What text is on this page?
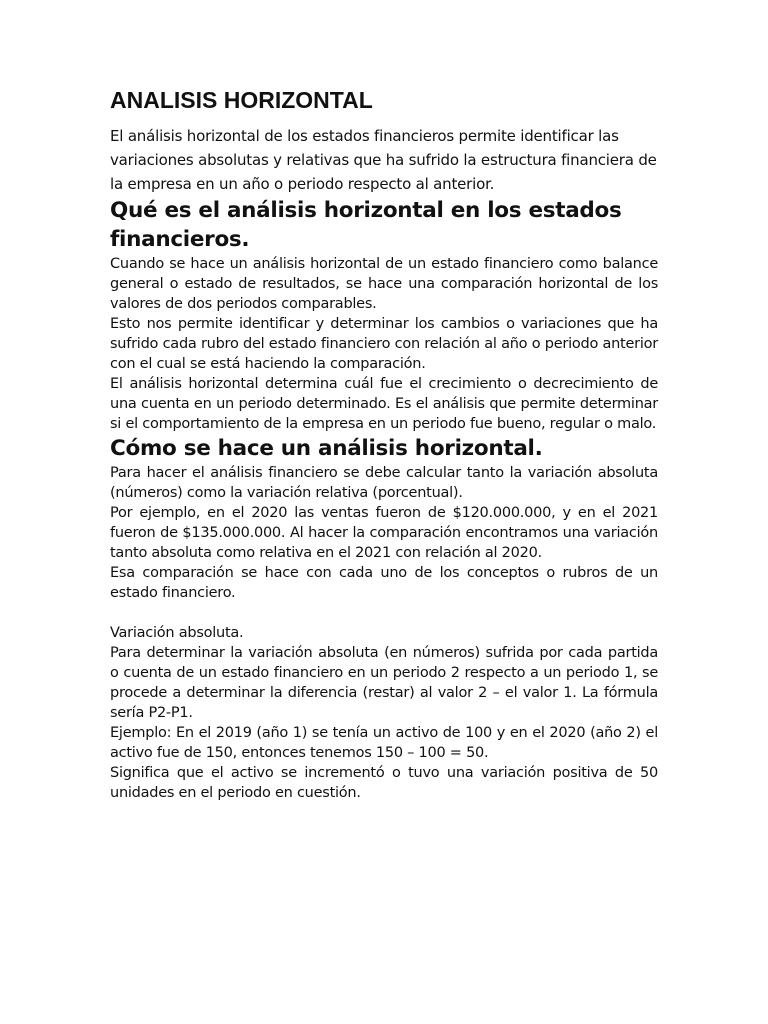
ANALISIS HORIZONTAL

El análisis horizontal de los estados financieros permite identificar las variaciones absolutas y relativas que ha sufrido la estructura financiera de la empresa en un año o periodo respecto al anterior.

Qué es el análisis horizontal en los estados financieros.

Cuando se hace un análisis horizontal de un estado financiero como balance general o estado de resultados, se hace una comparación horizontal de los valores de dos periodos comparables.

Esto nos permite identificar y determinar los cambios o variaciones que ha sufrido cada rubro del estado financiero con relación al año o periodo anterior con el cual se está haciendo la comparación.

El análisis horizontal determina cuál fue el crecimiento o decrecimiento de una cuenta en un periodo determinado. Es el análisis que permite determinar si el comportamiento de la empresa en un periodo fue bueno, regular o malo.

Cómo se hace un análisis horizontal.

Para hacer el análisis financiero se debe calcular tanto la variación absoluta (números) como la variación relativa (porcentual).

Por ejemplo, en el 2020 las ventas fueron de $120.000.000, y en el 2021 fueron de $135.000.000. Al hacer la comparación encontramos una variación tanto absoluta como relativa en el 2021 con relación al 2020.

Esa comparación se hace con cada uno de los conceptos o rubros de un estado financiero.

Variación absoluta.

Para determinar la variación absoluta (en números) sufrida por cada partida o cuenta de un estado financiero en un periodo 2 respecto a un periodo 1, se procede a determinar la diferencia (restar) al valor 2 – el valor 1. La fórmula sería P2-P1.

Ejemplo: En el 2019 (año 1) se tenía un activo de 100 y en el 2020 (año 2) el activo fue de 150, entonces tenemos 150 – 100 = 50.

Significa que el activo se incrementó o tuvo una variación positiva de 50 unidades en el periodo en cuestión.
